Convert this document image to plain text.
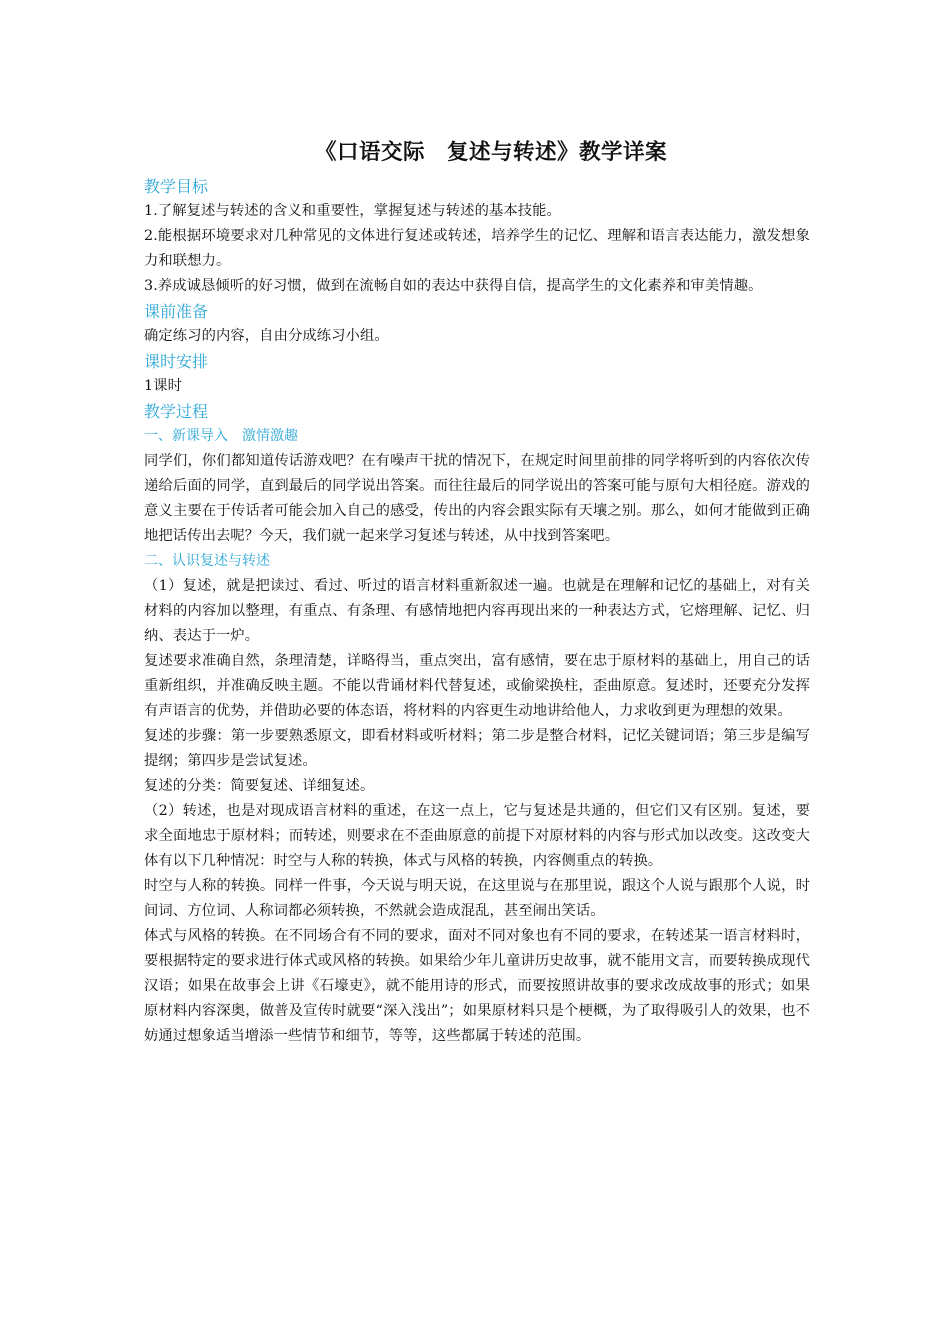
《口语交际　复述与转述》教学详案
教学目标
1.了解复述与转述的含义和重要性，掌握复述与转述的基本技能。
2.能根据环境要求对几种常见的文体进行复述或转述，培养学生的记忆、理解和语言表达能力，激发想象力和联想力。
3.养成诚恳倾听的好习惯，做到在流畅自如的表达中获得自信，提高学生的文化素养和审美情趣。
课前准备
确定练习的内容，自由分成练习小组。
课时安排
1课时
教学过程
一、新课导入　激情激趣
同学们，你们都知道传话游戏吧？在有噪声干扰的情况下，在规定时间里前排的同学将听到的内容依次传递给后面的同学，直到最后的同学说出答案。而往往最后的同学说出的答案可能与原句大相径庭。游戏的意义主要在于传话者可能会加入自己的感受，传出的内容会跟实际有天壤之别。那么，如何才能做到正确地把话传出去呢？今天，我们就一起来学习复述与转述，从中找到答案吧。
二、认识复述与转述
（1）复述，就是把读过、看过、听过的语言材料重新叙述一遍。也就是在理解和记忆的基础上，对有关材料的内容加以整理，有重点、有条理、有感情地把内容再现出来的一种表达方式，它熔理解、记忆、归纳、表达于一炉。
复述要求准确自然，条理清楚，详略得当，重点突出，富有感情，要在忠于原材料的基础上，用自己的话重新组织，并准确反映主题。不能以背诵材料代替复述，或偷梁换柱，歪曲原意。复述时，还要充分发挥有声语言的优势，并借助必要的体态语，将材料的内容更生动地讲给他人，力求收到更为理想的效果。
复述的步骤：第一步要熟悉原文，即看材料或听材料；第二步是整合材料，记忆关键词语；第三步是编写提纲；第四步是尝试复述。
复述的分类：简要复述、详细复述。
（2）转述，也是对现成语言材料的重述，在这一点上，它与复述是共通的，但它们又有区别。复述，要求全面地忠于原材料；而转述，则要求在不歪曲原意的前提下对原材料的内容与形式加以改变。这改变大体有以下几种情况：时空与人称的转换，体式与风格的转换，内容侧重点的转换。
时空与人称的转换。同样一件事，今天说与明天说，在这里说与在那里说，跟这个人说与跟那个人说，时间词、方位词、人称词都必须转换，不然就会造成混乱，甚至闹出笑话。
体式与风格的转换。在不同场合有不同的要求，面对不同对象也有不同的要求，在转述某一语言材料时，要根据特定的要求进行体式或风格的转换。如果给少年儿童讲历史故事，就不能用文言，而要转换成现代汉语；如果在故事会上讲《石壕吏》，就不能用诗的形式，而要按照讲故事的要求改成故事的形式；如果原材料内容深奥，做普及宣传时就要“深入浅出”；如果原材料只是个梗概，为了取得吸引人的效果，也不妨通过想象适当增添一些情节和细节，等等，这些都属于转述的范围。
